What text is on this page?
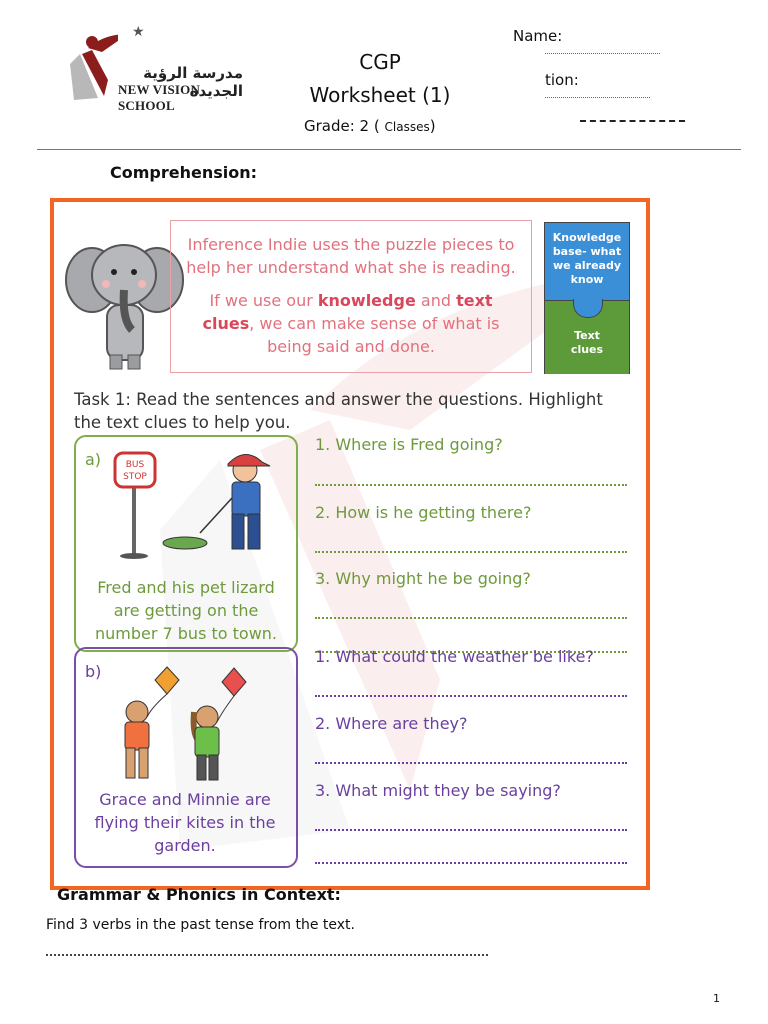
★
مدرسة الرؤية الجديدة
NEW VISION SCHOOL
CGP
Worksheet (1)
Grade: 2 ( Classes)
Name:
tion:
Comprehension:

Inference Indie uses the puzzle pieces to help her understand what she is reading.

If we use our knowledge and text clues, we can make sense of what is being said and done.

Knowledge base- what we already know
Text clues
Task 1: Read the sentences and answer the questions. Highlight the text clues to help you.
a)	BUS
STOP
Fred and his pet lizard are getting on the number 7 bus to town.
b)
Grace and Minnie are flying their kites in the garden.
1. Where is Fred going?
2. How is he getting there?
3. Why might he be going?
1. What could the weather be like?
2. Where are they?
3. What might they be saying?
Grammar & Phonics in Context:
Find 3 verbs in the past tense from the text.
1
